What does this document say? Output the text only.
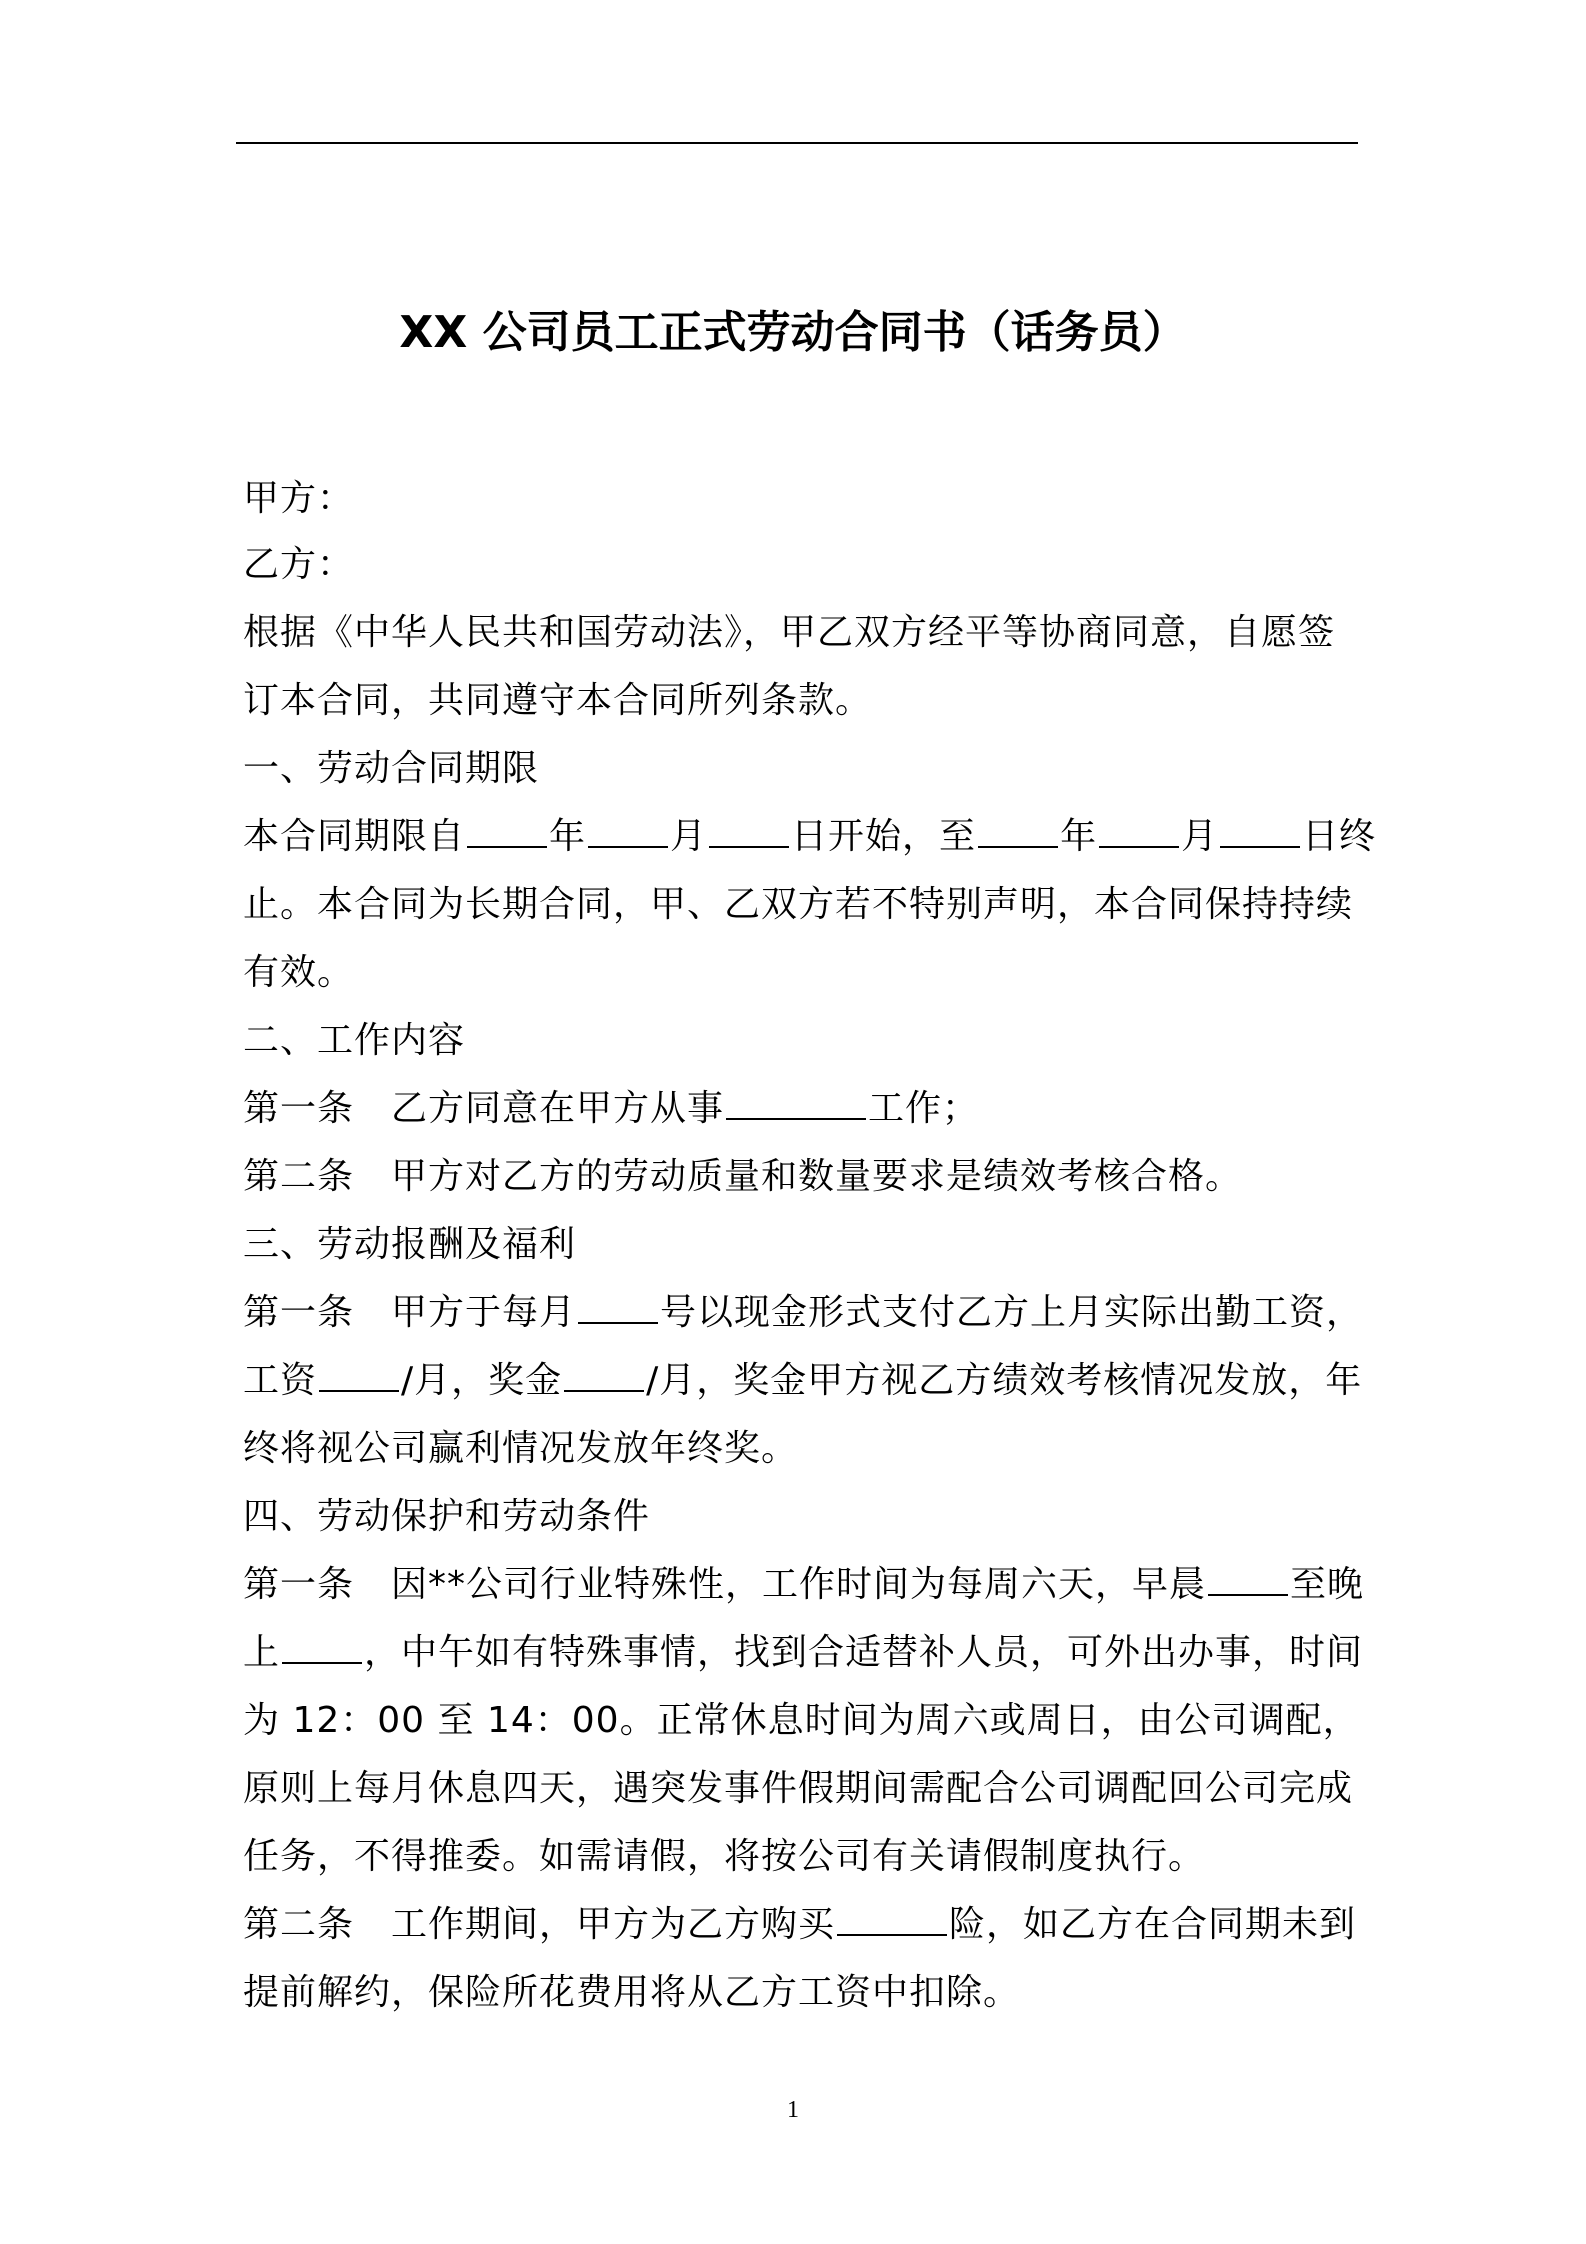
XX 公司员工正式劳动合同书（话务员）
甲方：
乙方：
根据《中华人民共和国劳动法》，甲乙双方经平等协商同意，自愿签
订本合同，共同遵守本合同所列条款。
一、劳动合同期限
本合同期限自 年 月 日开始，至 年 月 日终
止。本合同为长期合同，甲、乙双方若不特别声明，本合同保持持续
有效。
二、工作内容
第一条　乙方同意在甲方从事	工作；
第二条　甲方对乙方的劳动质量和数量要求是绩效考核合格。
三、劳动报酬及福利
第一条　甲方于每月 号以现金形式支付乙方上月实际出勤工资，
工资 /月，奖金 /月，奖金甲方视乙方绩效考核情况发放，年
终将视公司赢利情况发放年终奖。
四、劳动保护和劳动条件
第一条　因**公司行业特殊性，工作时间为每周六天，早晨 至晚
上 ，中午如有特殊事情，找到合适替补人员，可外出办事，时间
为 12：00 至 14：00。正常休息时间为周六或周日，由公司调配，
原则上每月休息四天，遇突发事件假期间需配合公司调配回公司完成
任务，不得推委。如需请假，将按公司有关请假制度执行。
第二条　工作期间，甲方为乙方购买	险，如乙方在合同期未到
提前解约，保险所花费用将从乙方工资中扣除。
1
